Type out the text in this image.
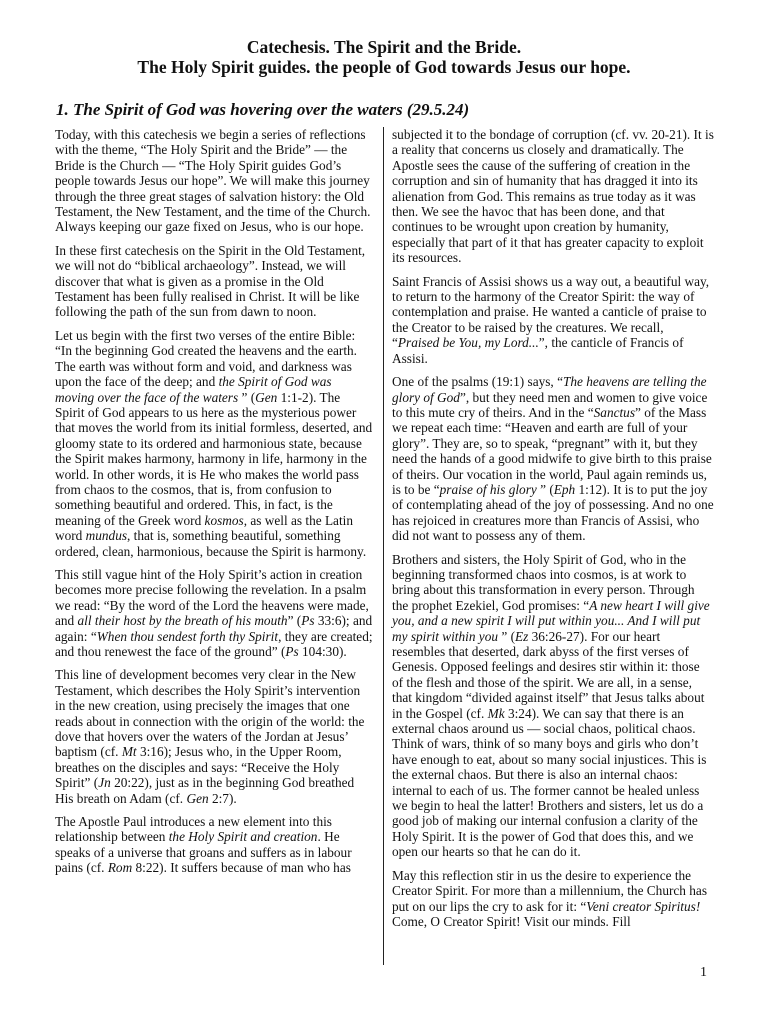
Catechesis. The Spirit and the Bride.
The Holy Spirit guides. the people of God towards Jesus our hope.
1. The Spirit of God was hovering over the waters (29.5.24)

Today, with this catechesis we begin a series of reflections with the theme, “The Holy Spirit and the Bride” — the Bride is the Church — “The Holy Spirit guides God’s people towards Jesus our hope”. We will make this journey through the three great stages of salvation history: the Old Testament, the New Testament, and the time of the Church. Always keeping our gaze fixed on Jesus, who is our hope.

In these first catechesis on the Spirit in the Old Testament, we will not do “biblical archaeology”. Instead, we will discover that what is given as a promise in the Old Testament has been fully realised in Christ. It will be like following the path of the sun from dawn to noon.

Let us begin with the first two verses of the entire Bible: “In the beginning God created the heavens and the earth. The earth was without form and void, and darkness was upon the face of the deep; and the Spirit of God was moving over the face of the waters ” (Gen 1:1-2). The Spirit of God appears to us here as the mysterious power that moves the world from its initial formless, deserted, and gloomy state to its ordered and harmonious state, because the Spirit makes harmony, harmony in life, harmony in the world. In other words, it is He who makes the world pass from chaos to the cosmos, that is, from confusion to something beautiful and ordered. This, in fact, is the meaning of the Greek word kosmos, as well as the Latin word mundus, that is, something beautiful, something ordered, clean, harmonious, because the Spirit is harmony.

This still vague hint of the Holy Spirit’s action in creation becomes more precise following the revelation. In a psalm we read: “By the word of the Lord the heavens were made, and all their host by the breath of his mouth” (Ps 33:6); and again: “When thou sendest forth thy Spirit, they are created; and thou renewest the face of the ground” (Ps 104:30).

This line of development becomes very clear in the New Testament, which describes the Holy Spirit’s intervention in the new creation, using precisely the images that one reads about in connection with the origin of the world: the dove that hovers over the waters of the Jordan at Jesus’ baptism (cf. Mt 3:16); Jesus who, in the Upper Room, breathes on the disciples and says: “Receive the Holy Spirit” (Jn 20:22), just as in the beginning God breathed His breath on Adam (cf. Gen 2:7).

The Apostle Paul introduces a new element into this relationship between the Holy Spirit and creation. He speaks of a universe that groans and suffers as in labour pains (cf. Rom 8:22). It suffers because of man who has

subjected it to the bondage of corruption (cf. vv. 20-21). It is a reality that concerns us closely and dramatically. The Apostle sees the cause of the suffering of creation in the corruption and sin of humanity that has dragged it into its alienation from God. This remains as true today as it was then. We see the havoc that has been done, and that continues to be wrought upon creation by humanity, especially that part of it that has greater capacity to exploit its resources.

Saint Francis of Assisi shows us a way out, a beautiful way, to return to the harmony of the Creator Spirit: the way of contemplation and praise. He wanted a canticle of praise to the Creator to be raised by the creatures. We recall, “Praised be You, my Lord...”, the canticle of Francis of Assisi.

One of the psalms (19:1) says, “The heavens are telling the glory of God”, but they need men and women to give voice to this mute cry of theirs. And in the “Sanctus” of the Mass we repeat each time: “Heaven and earth are full of your glory”. They are, so to speak, “pregnant” with it, but they need the hands of a good midwife to give birth to this praise of theirs. Our vocation in the world, Paul again reminds us, is to be “praise of his glory ” (Eph 1:12). It is to put the joy of contemplating ahead of the joy of possessing. And no one has rejoiced in creatures more than Francis of Assisi, who did not want to possess any of them.

Brothers and sisters, the Holy Spirit of God, who in the beginning transformed chaos into cosmos, is at work to bring about this transformation in every person. Through the prophet Ezekiel, God promises: “A new heart I will give you, and a new spirit I will put within you... And I will put my spirit within you ” (Ez 36:26-27). For our heart resembles that deserted, dark abyss of the first verses of Genesis. Opposed feelings and desires stir within it: those of the flesh and those of the spirit. We are all, in a sense, that kingdom “divided against itself” that Jesus talks about in the Gospel (cf. Mk 3:24). We can say that there is an external chaos around us — social chaos, political chaos. Think of wars, think of so many boys and girls who don’t have enough to eat, about so many social injustices. This is the external chaos. But there is also an internal chaos: internal to each of us. The former cannot be healed unless we begin to heal the latter! Brothers and sisters, let us do a good job of making our internal confusion a clarity of the Holy Spirit. It is the power of God that does this, and we open our hearts so that he can do it.

May this reflection stir in us the desire to experience the Creator Spirit. For more than a millennium, the Church has put on our lips the cry to ask for it: “Veni creator Spiritus! Come, O Creator Spirit! Visit our minds. Fill

1
